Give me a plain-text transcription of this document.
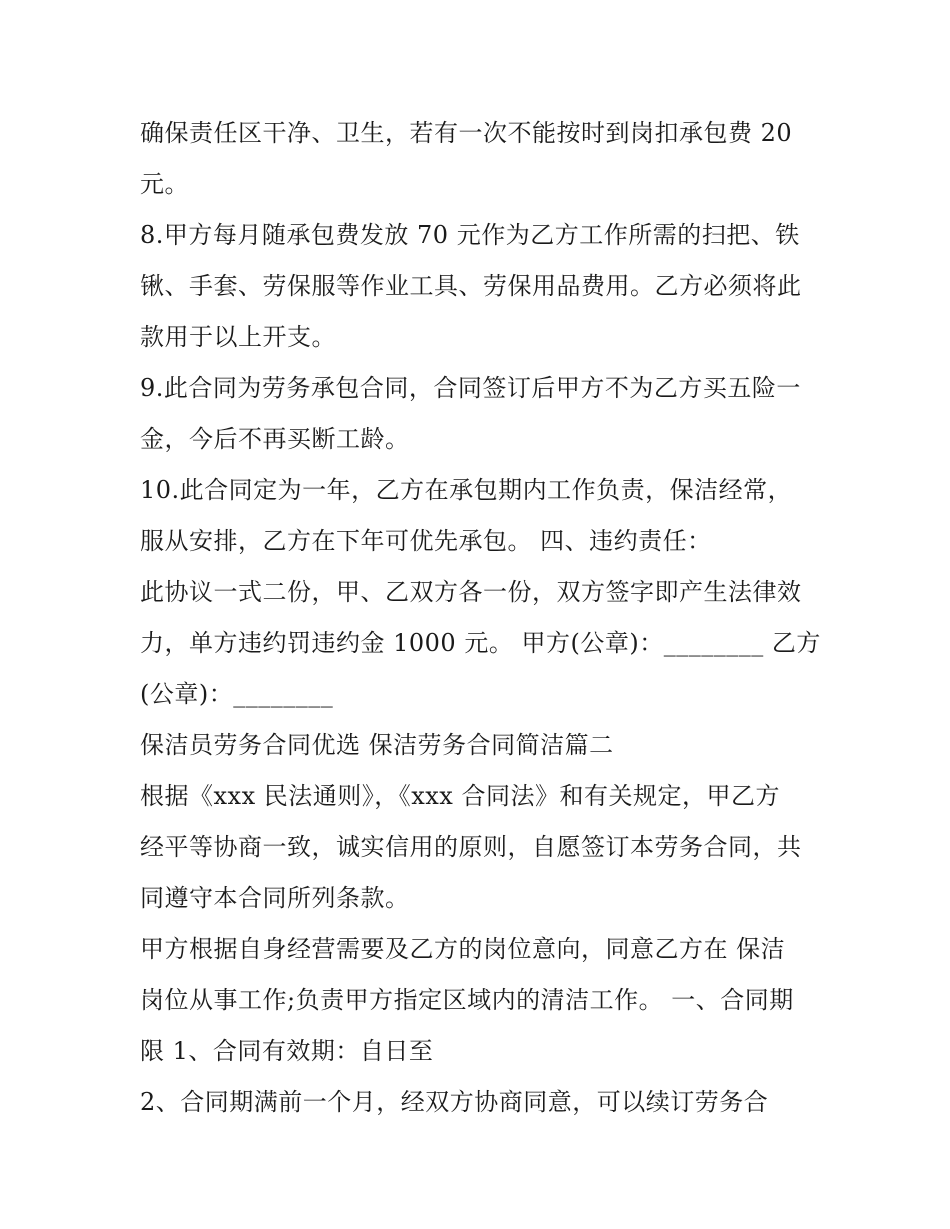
确保责任区干净、卫生，若有一次不能按时到岗扣承包费 20
元。
8.甲方每月随承包费发放 70 元作为乙方工作所需的扫把、铁
锹、手套、劳保服等作业工具、劳保用品费用。乙方必须将此
款用于以上开支。
9.此合同为劳务承包合同，合同签订后甲方不为乙方买五险一
金，今后不再买断工龄。
10.此合同定为一年，乙方在承包期内工作负责，保洁经常，
服从安排，乙方在下年可优先承包。 四、违约责任：
此协议一式二份，甲、乙双方各一份，双方签字即产生法律效
力，单方违约罚违约金 1000 元。 甲方(公章)：________ 乙方
(公章)：________
保洁员劳务合同优选 保洁劳务合同简洁篇二
根据《xxx 民法通则》，《xxx 合同法》和有关规定，甲乙方
经平等协商一致，诚实信用的原则，自愿签订本劳务合同，共
同遵守本合同所列条款。
甲方根据自身经营需要及乙方的岗位意向，同意乙方在 保洁
岗位从事工作;负责甲方指定区域内的清洁工作。 一、合同期
限 1、合同有效期：自日至
2、合同期满前一个月，经双方协商同意，可以续订劳务合
